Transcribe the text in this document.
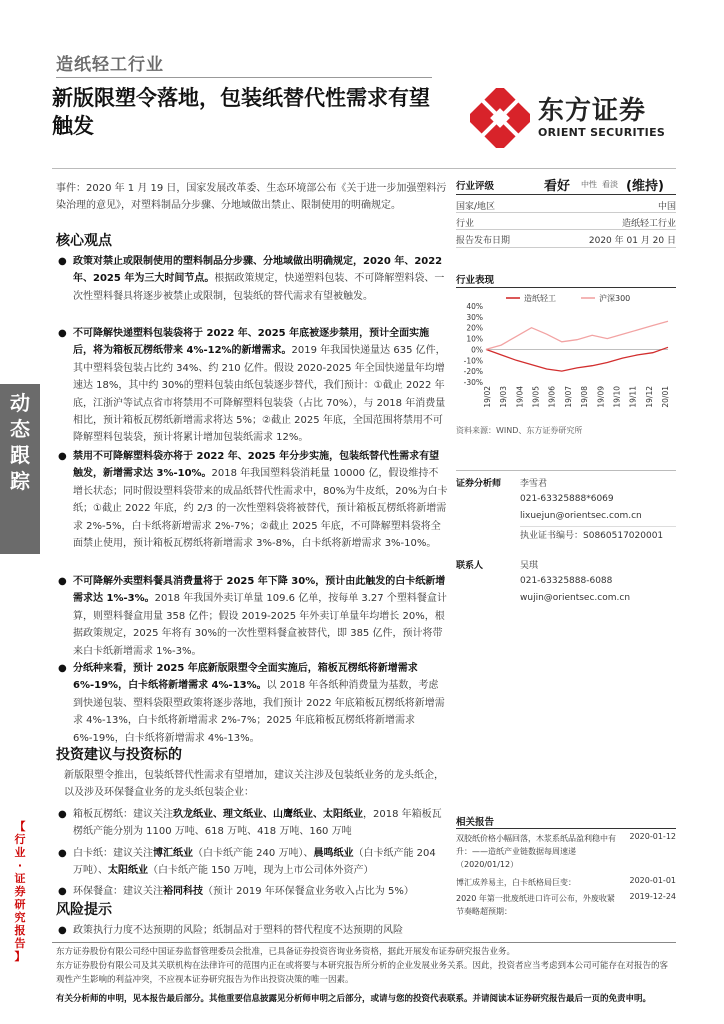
造纸轻工行业
新版限塑令落地，包装纸替代性需求有望触发	东方证券
ORIENT SECURITIES
动
态
跟
踪
【
行
业
·
证
券
研
究
报
告
】
事件：2020 年 1 月 19 日，国家发展改革委、生态环境部公布《关于进一步加强塑料污染治理的意见》，对塑料制品分步骤、分地域做出禁止、限制使用的明确规定。
核心观点
● 政策对禁止或限制使用的塑料制品分步骤、分地域做出明确规定，2020 年、2022 年、2025 年为三大时间节点。根据政策规定，快递塑料包装、不可降解塑料袋、一次性塑料餐具将逐步被禁止或限制，包装纸的替代需求有望被触发。
● 不可降解快递塑料包装袋将于 2022 年、2025 年底被逐步禁用，预计全面实施后，将为箱板瓦楞纸带来 4%-12%的新增需求。2019 年我国快递量达 635 亿件，其中塑料袋包装占比约 34%、约 210 亿件。假设 2020-2025 年全国快递量年均增速达 18%，其中约 30%的塑料包装由纸包装逐步替代，我们预计：①截止 2022 年底，江浙沪等试点省市将禁用不可降解塑料包装袋（占比 70%），与 2018 年消费量相比，预计箱板瓦楞纸新增需求将达 5%；②截止 2025 年底，全国范围将禁用不可降解塑料包装袋，预计将累计增加包装纸需求 12%。
● 禁用不可降解塑料袋亦将于 2022 年、2025 年分步实施，包装纸替代性需求有望触发，新增需求达 3%-10%。2018 年我国塑料袋消耗量 10000 亿，假设维持不增长状态；同时假设塑料袋带来的成品纸替代性需求中，80%为牛皮纸，20%为白卡纸；①截止 2022 年底，约 2/3 的一次性塑料袋将被替代，预计箱板瓦楞纸将新增需求 2%-5%，白卡纸将新增需求 2%-7%；②截止 2025 年底，不可降解塑料袋将全面禁止使用，预计箱板瓦楞纸将新增需求 3%-8%，白卡纸将新增需求 3%-10%。
● 不可降解外卖塑料餐具消费量将于 2025 年下降 30%，预计由此触发的白卡纸新增需求达 1%-3%。2018 年我国外卖订单量 109.6 亿单，按每单 3.27 个塑料餐盒计算，则塑料餐盒用量 358 亿件；假设 2019-2025 年外卖订单量年均增长 20%，根据政策规定，2025 年将有 30%的一次性塑料餐盒被替代，即 385 亿件，预计将带来白卡纸新增需求 1%-3%。
● 分纸种来看，预计 2025 年底新版限塑令全面实施后，箱板瓦楞纸将新增需求 6%-19%，白卡纸将新增需求 4%-13%。以 2018 年各纸种消费量为基数，考虑到快递包装、塑料袋限塑政策将逐步落地，我们预计 2022 年底箱板瓦楞纸将新增需求 4%-13%，白卡纸将新增需求 2%-7%；2025 年底箱板瓦楞纸将新增需求 6%-19%，白卡纸将新增需求 4%-13%。
投资建议与投资标的
新版限塑令推出，包装纸替代性需求有望增加，建议关注涉及包装纸业务的龙头纸企，以及涉及环保餐盒业务的龙头纸包装企业：
● 箱板瓦楞纸：建议关注玖龙纸业、理文纸业、山鹰纸业、太阳纸业，2018 年箱板瓦楞纸产能分别为 1100 万吨、618 万吨、418 万吨、160 万吨
● 白卡纸：建议关注博汇纸业（白卡纸产能 240 万吨）、晨鸣纸业（白卡纸产能 204 万吨）、太阳纸业（白卡纸产能 150 万吨，现为上市公司体外资产）
● 环保餐盒：建议关注裕同科技（预计 2019 年环保餐盒业务收入占比为 5%）
风险提示
● 政策执行力度不达预期的风险；纸制品对于塑料的替代程度不达预期的风险
行业评级	看好 中性 看淡 (维持)
国家/地区	中国
行业	造纸轻工行业
报告发布日期	2020 年 01 月 20 日
行业表现
造纸轻工	沪深300
40%
30%
20%
10%
0%
-10%
-20%
-30%
19/02 19/03 19/04 19/05 19/06 19/07 19/08 19/09 19/10 19/11 19/12 20/01
资料来源：WIND、东方证券研究所
证券分析师 李雪君
021-63325888*6069
lixuejun@orientsec.com.cn
执业证书编号：S0860517020001
联系人	吴琪
021-63325888-6088
wujin@orientsec.com.cn
相关报告
双胶纸价格小幅回落，木浆系纸品盈利稳中有升：——造纸产业链数据每周速递（2020/01/12）
2020-01-12
博汇成养易主，白卡纸格局巨变：	2020-01-01
2020 年第一批废纸进口许可公布，外废收紧节奏略超预期：
2019-12-24
东方证券股份有限公司经中国证券监督管理委员会批准，已具备证券投资咨询业务资格，据此开展发布证券研究报告业务。
东方证券股份有限公司及其关联机构在法律许可的范围内正在或将要与本研究报告所分析的企业发展业务关系。因此，投资者应当考虑到本公司可能存在对报告的客观性产生影响的利益冲突，不应视本证券研究报告为作出投资决策的唯一因素。
有关分析师的申明，见本报告最后部分。其他重要信息披露见分析师申明之后部分，或请与您的投资代表联系。并请阅读本证券研究报告最后一页的免责申明。
